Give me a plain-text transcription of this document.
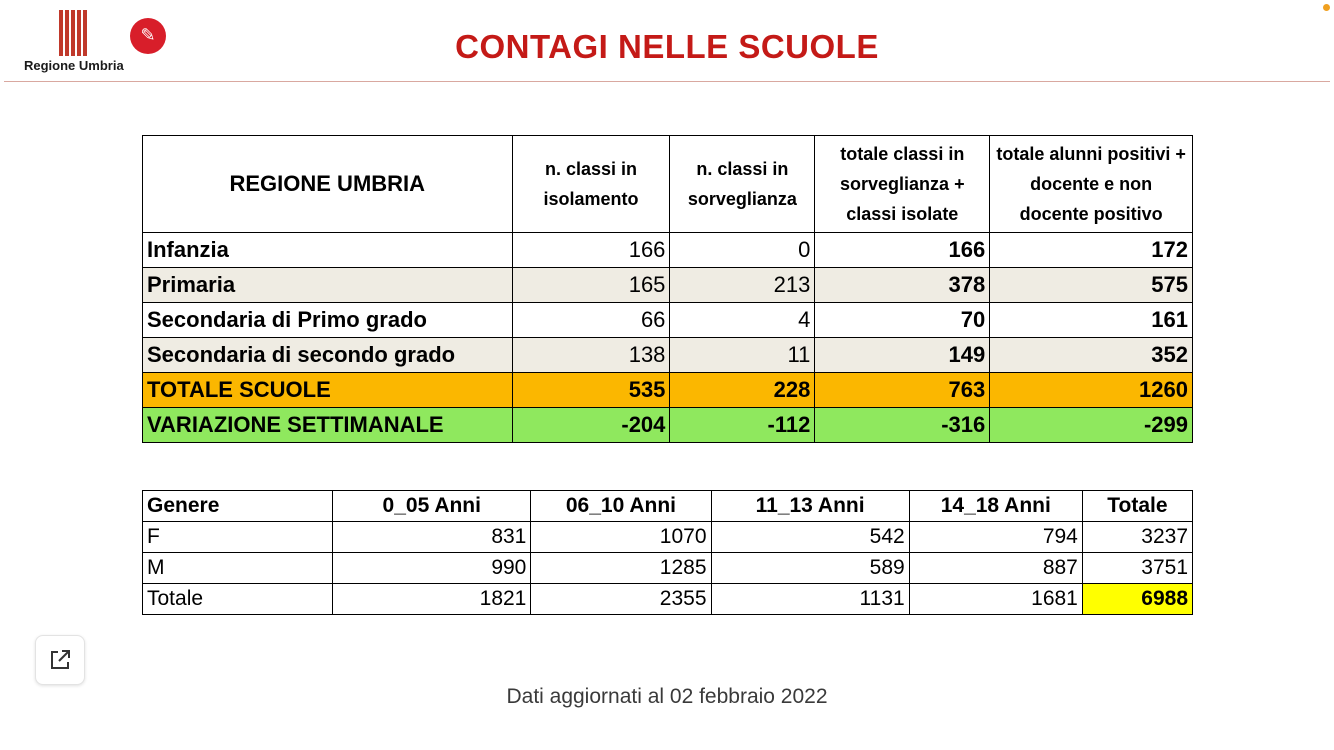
✎
Regione Umbria
CONTAGI NELLE SCUOLE
REGIONE UMBRIA	n. classi in isolamento	n. classi in sorveglianza	totale classi in sorveglianza + classi isolate	totale alunni positivi + docente e non docente positivo
Infanzia	166	0	166	172
Primaria	165	213	378	575
Secondaria di Primo grado	66	4	70	161
Secondaria di secondo grado	138	11	149	352
TOTALE SCUOLE	535	228	763	1260
VARIAZIONE SETTIMANALE	-204	-112	-316	-299
Genere	0_05 Anni	06_10 Anni	11_13 Anni	14_18 Anni	Totale
F	831	1070	542	794	3237
M	990	1285	589	887	3751
Totale	1821	2355	1131	1681	6988
Dati aggiornati al 02 febbraio 2022
